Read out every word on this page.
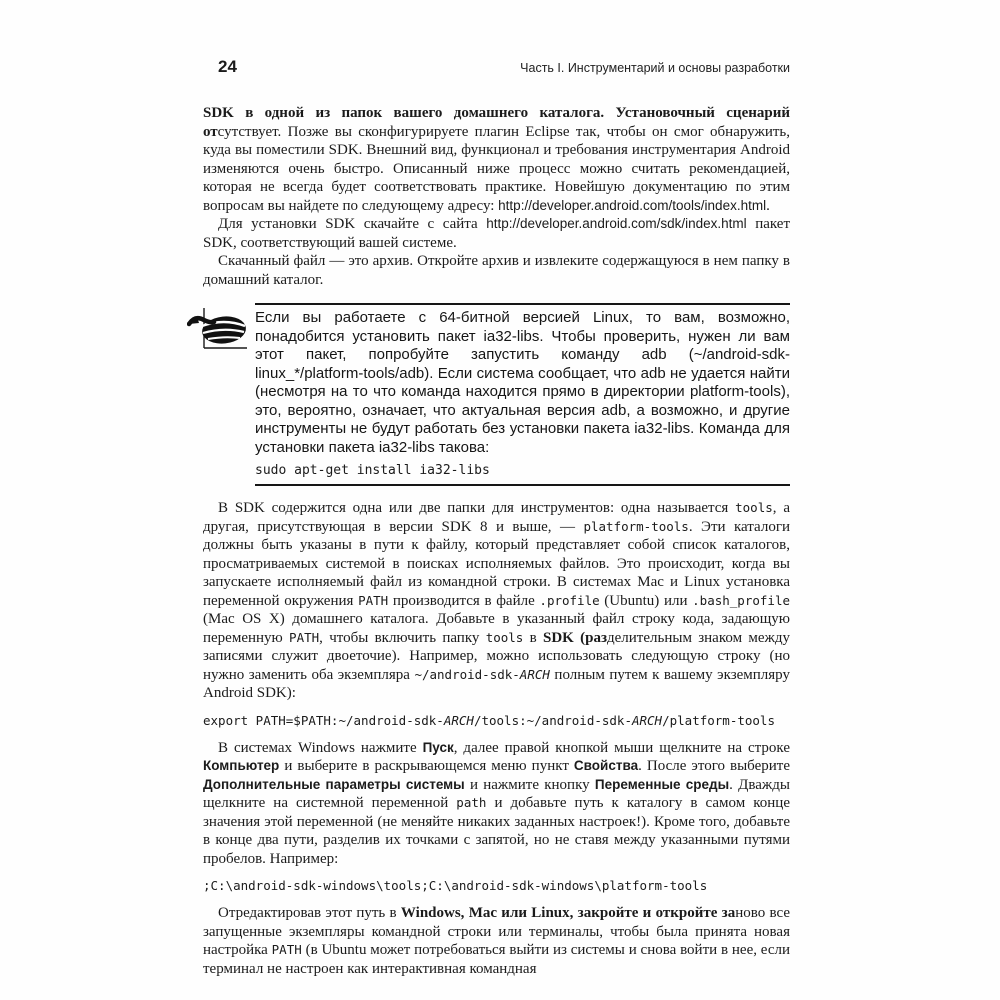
24	Часть I. Инструментарий и основы разработки

SDK в одной из папок вашего домашнего каталога. Установочный сценарий отсутствует. Позже вы сконфигурируете плагин Eclipse так, чтобы он смог обнаружить, куда вы поместили SDK. Внешний вид, функционал и требования инструментария Android изменяются очень быстро. Описанный ниже процесс можно считать рекомендацией, которая не всегда будет соответствовать практике. Новейшую документацию по этим вопросам вы найдете по следующему адресу: http://developer.android.com/tools/index.html.

Для установки SDK скачайте с сайта http://developer.android.com/sdk/index.html пакет SDK, соответствующий вашей системе.

Скачанный файл — это архив. Откройте архив и извлеките содержащуюся в нем папку в домашний каталог.

Если вы работаете с 64-битной версией Linux, то вам, возможно, понадобится установить пакет ia32-libs. Чтобы проверить, нужен ли вам этот пакет, попробуйте запустить команду adb (~/android-sdk-linux_*/platform-tools/adb). Если система сообщает, что adb не удается найти (несмотря на то что команда находится прямо в директории platform-tools), это, вероятно, означает, что актуальная версия adb, а возможно, и другие инструменты не будут работать без установки пакета ia32-libs. Команда для установки пакета ia32-libs такова:

sudo apt-get install ia32-libs

В SDK содержится одна или две папки для инструментов: одна называется tools, а другая, присутствующая в версии SDK 8 и выше, — platform-tools. Эти каталоги должны быть указаны в пути к файлу, который представляет собой список каталогов, просматриваемых системой в поисках исполняемых файлов. Это происходит, когда вы запускаете исполняемый файл из командной строки. В системах Mac и Linux установка переменной окружения PATH производится в файле .profile (Ubuntu) или .bash_profile (Mac OS X) домашнего каталога. Добавьте в указанный файл строку кода, задающую переменную PATH, чтобы включить папку tools в SDK (разделительным знаком между записями служит двоеточие). Например, можно использовать следующую строку (но нужно заменить оба экземпляра ~/android-sdk-ARCH полным путем к вашему экземпляру Android SDK):

export PATH=$PATH:~/android-sdk-ARCH/tools:~/android-sdk-ARCH/platform-tools

В системах Windows нажмите Пуск, далее правой кнопкой мыши щелкните на строке Компьютер и выберите в раскрывающемся меню пункт Свойства. После этого выберите Дополнительные параметры системы и нажмите кнопку Переменные среды. Дважды щелкните на системной переменной path и добавьте путь к каталогу в самом конце значения этой переменной (не меняйте никаких заданных настроек!). Кроме того, добавьте в конце два пути, разделив их точками с запятой, но не ставя между указанными путями пробелов. Например:

;C:\android-sdk-windows\tools;C:\android-sdk-windows\platform-tools

Отредактировав этот путь в Windows, Mac или Linux, закройте и откройте заново все запущенные экземпляры командной строки или терминалы, чтобы была принята новая настройка PATH (в Ubuntu может потребоваться выйти из системы и снова войти в нее, если терминал не настроен как интерактивная командная
